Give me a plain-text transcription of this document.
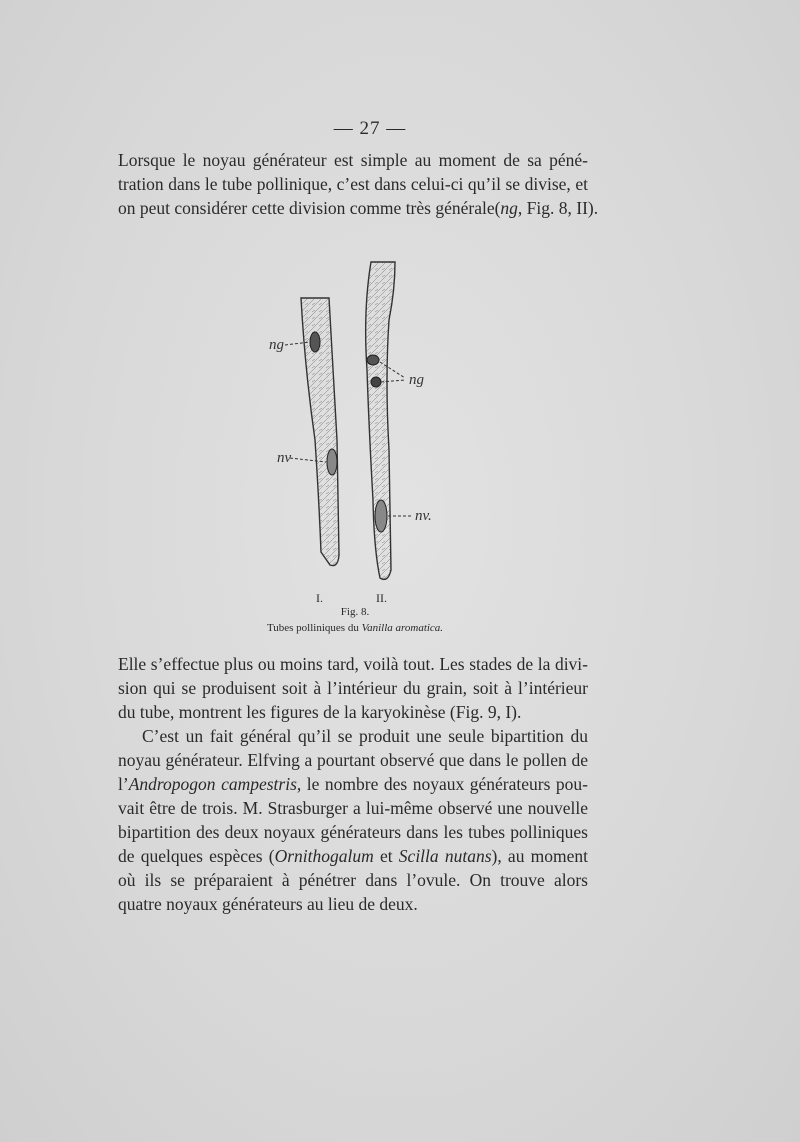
— 27 —

Lorsque le noyau générateur est simple au moment de sa péné-
tration dans le tube pollinique, c’est dans celui-ci qu’il se divise, et
on peut considérer cette division comme très générale(ng, Fig. 8, II).

ng
nv
ng
nv.
I.	II.
Fig. 8.
Tubes polliniques du Vanilla aromatica.

Elle s’effectue plus ou moins tard, voilà tout. Les stades de la divi-
sion qui se produisent soit à l’intérieur du grain, soit à l’intérieur
du tube, montrent les figures de la karyokinèse (Fig. 9, I).
C’est un fait général qu’il se produit une seule bipartition du
noyau générateur. Elfving a pourtant observé que dans le pollen de
l’Andropogon campestris, le nombre des noyaux générateurs pou-
vait être de trois. M. Strasburger a lui-même observé une nouvelle
bipartition des deux noyaux générateurs dans les tubes polliniques
de quelques espèces (Ornithogalum et Scilla nutans), au moment
où ils se préparaient à pénétrer dans l’ovule. On trouve alors
quatre noyaux générateurs au lieu de deux.
